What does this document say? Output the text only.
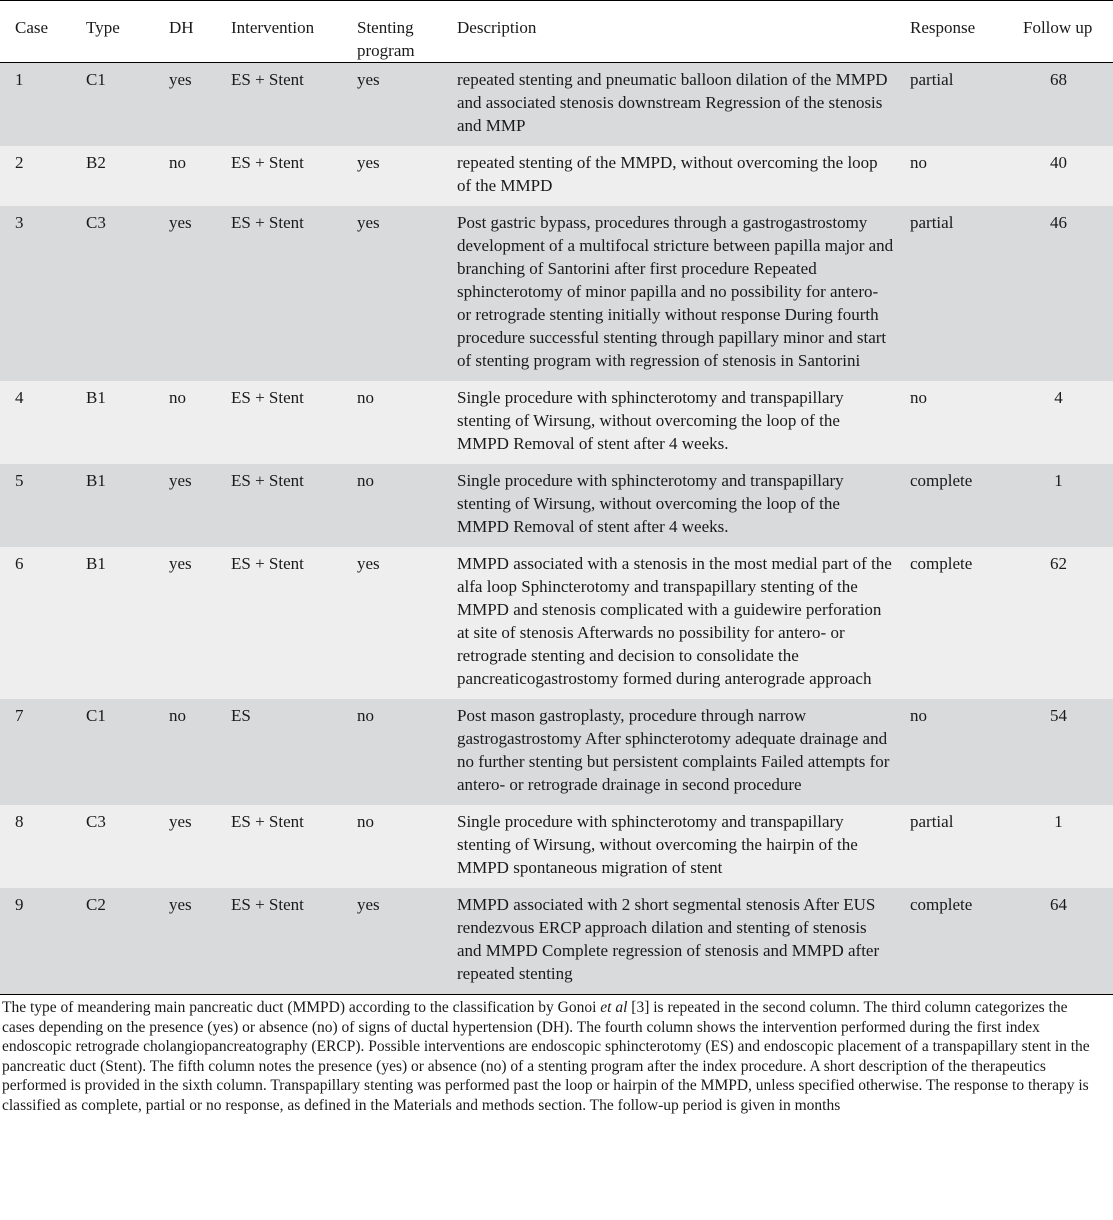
Case	Type	DH	Intervention	Stenting program	Description	Response	Follow up
1	C1	yes	ES + Stent	yes	repeated stenting and pneumatic balloon dilation of the MMPD and associated stenosis downstream Regression of the stenosis and MMP	partial	68
2	B2	no	ES + Stent	yes	repeated stenting of the MMPD, without overcoming the loop of the MMPD	no	40
3	C3	yes	ES + Stent	yes	Post gastric bypass, procedures through a gastrogastrostomy development of a multifocal stricture between papilla major and branching of Santorini after first procedure Repeated sphincterotomy of minor papilla and no possibility for antero- or retrograde stenting initially without response During fourth procedure successful stenting through papillary minor and start of stenting program with regression of stenosis in Santorini	partial	46
4	B1	no	ES + Stent	no	Single procedure with sphincterotomy and transpapillary stenting of Wirsung, without overcoming the loop of the MMPD Removal of stent after 4 weeks.	no	4
5	B1	yes	ES + Stent	no	Single procedure with sphincterotomy and transpapillary stenting of Wirsung, without overcoming the loop of the MMPD Removal of stent after 4 weeks.	complete	1
6	B1	yes	ES + Stent	yes	MMPD associated with a stenosis in the most medial part of the alfa loop Sphincterotomy and transpapillary stenting of the MMPD and stenosis complicated with a guidewire perforation at site of stenosis Afterwards no possibility for antero- or retrograde stenting and decision to consolidate the pancreaticogastrostomy formed during anterograde approach	complete	62
7	C1	no	ES	no	Post mason gastroplasty, procedure through narrow gastrogastrostomy After sphincterotomy adequate drainage and no further stenting but persistent complaints Failed attempts for antero- or retrograde drainage in second procedure	no	54
8	C3	yes	ES + Stent	no	Single procedure with sphincterotomy and transpapillary stenting of Wirsung, without overcoming the hairpin of the MMPD spontaneous migration of stent	partial	1
9	C2	yes	ES + Stent	yes	MMPD associated with 2 short segmental stenosis After EUS rendezvous ERCP approach dilation and stenting of stenosis and MMPD Complete regression of stenosis and MMPD after repeated stenting	complete	64
The type of meandering main pancreatic duct (MMPD) according to the classification by Gonoi et al [3] is repeated in the second column. The third column categorizes the cases depending on the presence (yes) or absence (no) of signs of ductal hypertension (DH). The fourth column shows the intervention performed during the first index endoscopic retrograde cholangiopancreatography (ERCP). Possible interventions are endoscopic sphincterotomy (ES) and endoscopic placement of a transpapillary stent in the pancreatic duct (Stent). The fifth column notes the presence (yes) or absence (no) of a stenting program after the index procedure. A short description of the therapeutics performed is provided in the sixth column. Transpapillary stenting was performed past the loop or hairpin of the MMPD, unless specified otherwise. The response to therapy is classified as complete, partial or no response, as defined in the Materials and methods section. The follow-up period is given in months
